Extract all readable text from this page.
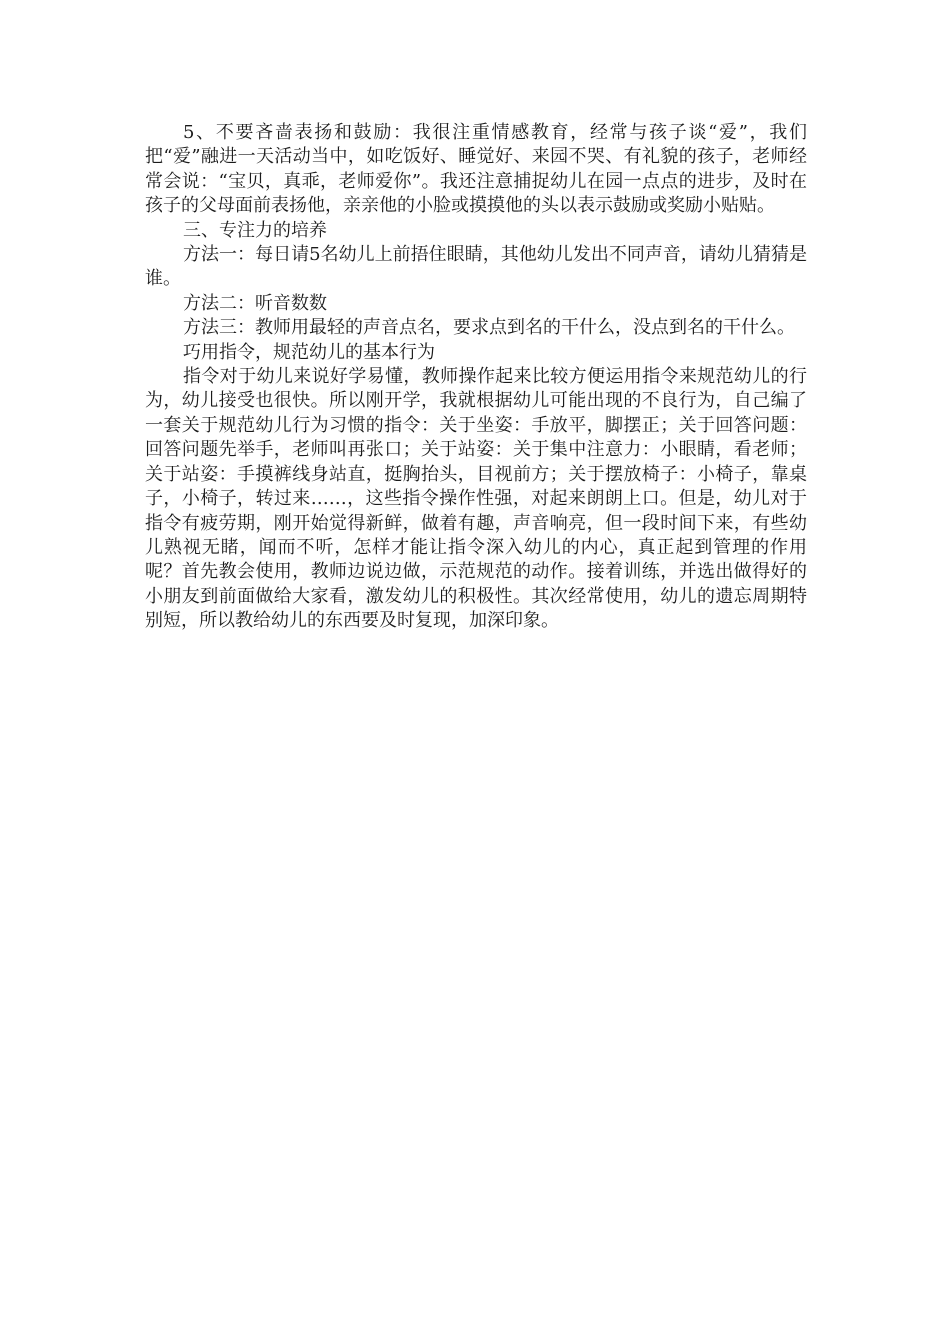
5、不要吝啬表扬和鼓励：我很注重情感教育，经常与孩子谈“爱”，我们把“爱”融进一天活动当中，如吃饭好、睡觉好、来园不哭、有礼貌的孩子，老师经常会说：“宝贝，真乖，老师爱你”。我还注意捕捉幼儿在园一点点的进步，及时在孩子的父母面前表扬他，亲亲他的小脸或摸摸他的头以表示鼓励或奖励小贴贴。

三、专注力的培养

方法一：每日请5名幼儿上前捂住眼睛，其他幼儿发出不同声音，请幼儿猜猜是谁。

方法二：听音数数

方法三：教师用最轻的声音点名，要求点到名的干什么，没点到名的干什么。

巧用指令，规范幼儿的基本行为

指令对于幼儿来说好学易懂，教师操作起来比较方便运用指令来规范幼儿的行为，幼儿接受也很快。所以刚开学，我就根据幼儿可能出现的不良行为，自己编了一套关于规范幼儿行为习惯的指令：关于坐姿：手放平，脚摆正；关于回答问题：回答问题先举手，老师叫再张口；关于站姿：关于集中注意力：小眼睛，看老师；关于站姿：手摸裤线身站直，挺胸抬头，目视前方；关于摆放椅子：小椅子，靠桌子，小椅子，转过来……，这些指令操作性强，对起来朗朗上口。但是，幼儿对于指令有疲劳期，刚开始觉得新鲜，做着有趣，声音响亮，但一段时间下来，有些幼儿熟视无睹，闻而不听，怎样才能让指令深入幼儿的内心，真正起到管理的作用呢？首先教会使用，教师边说边做，示范规范的动作。接着训练，并选出做得好的小朋友到前面做给大家看，激发幼儿的积极性。其次经常使用，幼儿的遗忘周期特别短，所以教给幼儿的东西要及时复现，加深印象。
